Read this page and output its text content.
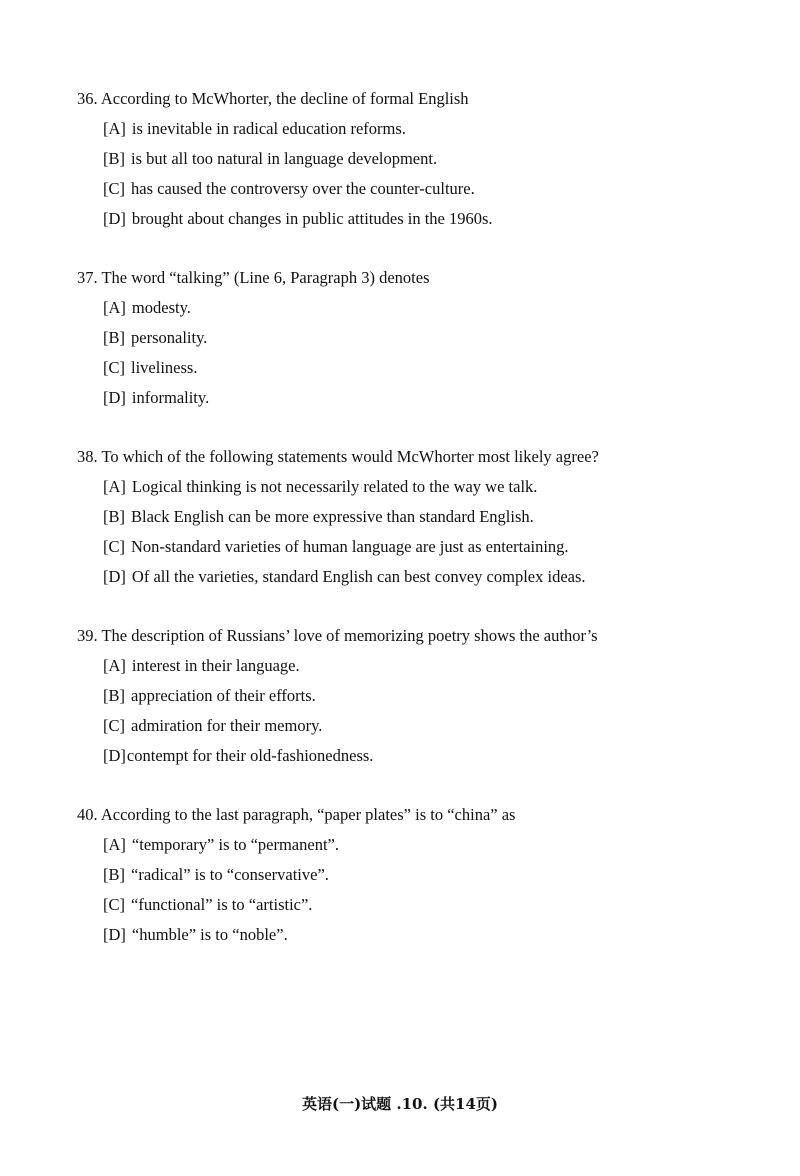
36. According to McWhorter, the decline of formal English
[A] is inevitable in radical education reforms.
[B] is but all too natural in language development.
[C] has caused the controversy over the counter-culture.
[D] brought about changes in public attitudes in the 1960s.
37. The word “talking” (Line 6, Paragraph 3) denotes
[A] modesty.
[B] personality.
[C] liveliness.
[D] informality.
38. To which of the following statements would McWhorter most likely agree?
[A] Logical thinking is not necessarily related to the way we talk.
[B] Black English can be more expressive than standard English.
[C] Non-standard varieties of human language are just as entertaining.
[D] Of all the varieties, standard English can best convey complex ideas.
39. The description of Russians’ love of memorizing poetry shows the author’s
[A] interest in their language.
[B] appreciation of their efforts.
[C] admiration for their memory.
[D]contempt for their old-fashionedness.
40. According to the last paragraph, “paper plates” is to “china” as
[A] “temporary” is to “permanent”.
[B] “radical” is to “conservative”.
[C] “functional” is to “artistic”.
[D] “humble” is to “noble”.
英语(一)试题 .10. (共14页)
